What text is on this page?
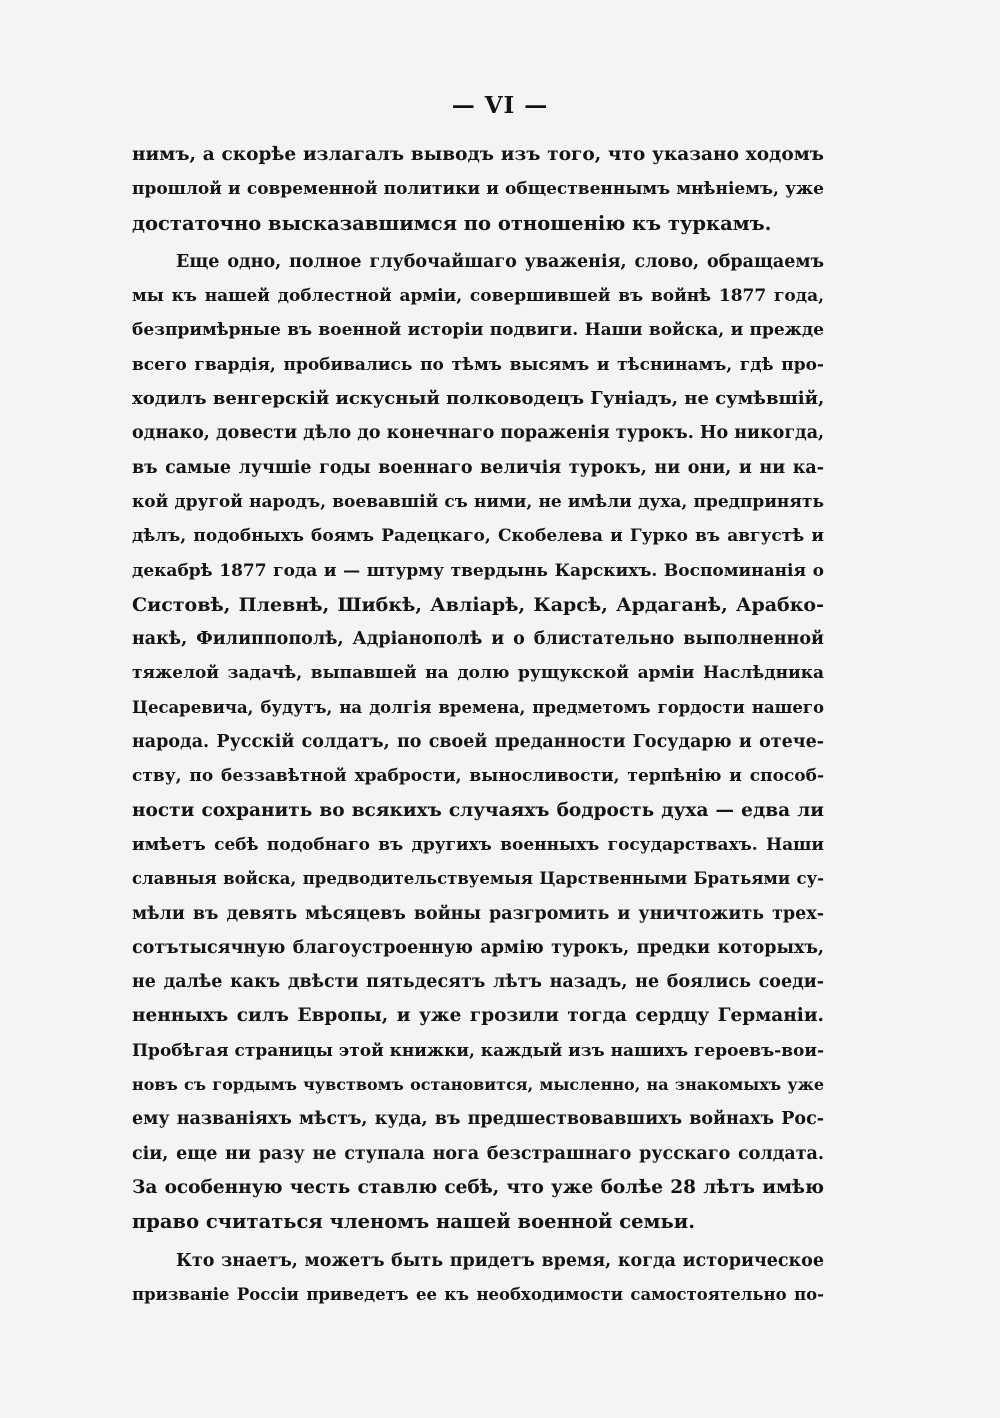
— VI —
нимъ, а скорѣе излагалъ выводъ изъ того, что указано ходомъ
прошлой и современной политики и общественнымъ мнѣніемъ, уже
достаточно высказавшимся по отношенію къ туркамъ.
Еще одно, полное глубочайшаго уваженія, слово, обращаемъ
мы къ нашей доблестной арміи, совершившей въ войнѣ 1877 года,
безпримѣрные въ военной исторіи подвиги. Наши войска, и прежде
всего гвардія, пробивались по тѣмъ высямъ и тѣснинамъ, гдѣ про-
ходилъ венгерскій искусный полководецъ Гуніадъ, не сумѣвшій,
однако, довести дѣло до конечнаго пораженія турокъ. Но никогда,
въ самые лучшіе годы военнаго величія турокъ, ни они, и ни ка-
кой другой народъ, воевавшій съ ними, не имѣли духа, предпринять
дѣлъ, подобныхъ боямъ Радецкаго, Скобелева и Гурко въ августѣ и
декабрѣ 1877 года и — штурму твердынь Карскихъ. Воспоминанія о
Систовѣ, Плевнѣ, Шибкѣ, Авліарѣ, Карсѣ, Ардаганѣ, Арабко-
накѣ, Филиппополѣ, Адріанополѣ и о блистательно выполненной
тяжелой задачѣ, выпавшей на долю рущукской арміи Наслѣдника
Цесаревича, будутъ, на долгія времена, предметомъ гордости нашего
народа. Русскій солдатъ, по своей преданности Государю и отече-
ству, по беззавѣтной храбрости, выносливости, терпѣнію и способ-
ности сохранить во всякихъ случаяхъ бодрость духа — едва ли
имѣетъ себѣ подобнаго въ другихъ военныхъ государствахъ. Наши
славныя войска, предводительствуемыя Царственными Братьями су-
мѣли въ девять мѣсяцевъ войны разгромить и уничтожить трех-
сотътысячную благоустроенную армію турокъ, предки которыхъ,
не далѣе какъ двѣсти пятьдесятъ лѣтъ назадъ, не боялись соеди-
ненныхъ силъ Европы, и уже грозили тогда сердцу Германіи.
Пробѣгая страницы этой книжки, каждый изъ нашихъ героевъ-вои-
новъ съ гордымъ чувствомъ остановится, мысленно, на знакомыхъ уже
ему названіяхъ мѣстъ, куда, въ предшествовавшихъ войнахъ Рос-
сіи, еще ни разу не ступала нога безстрашнаго русскаго солдата.
За особенную честь ставлю себѣ, что уже болѣе 28 лѣтъ имѣю
право считаться членомъ нашей военной семьи.
Кто знаетъ, можетъ быть придетъ время, когда историческое
призваніе Россіи приведетъ ее къ необходимости самостоятельно по-
